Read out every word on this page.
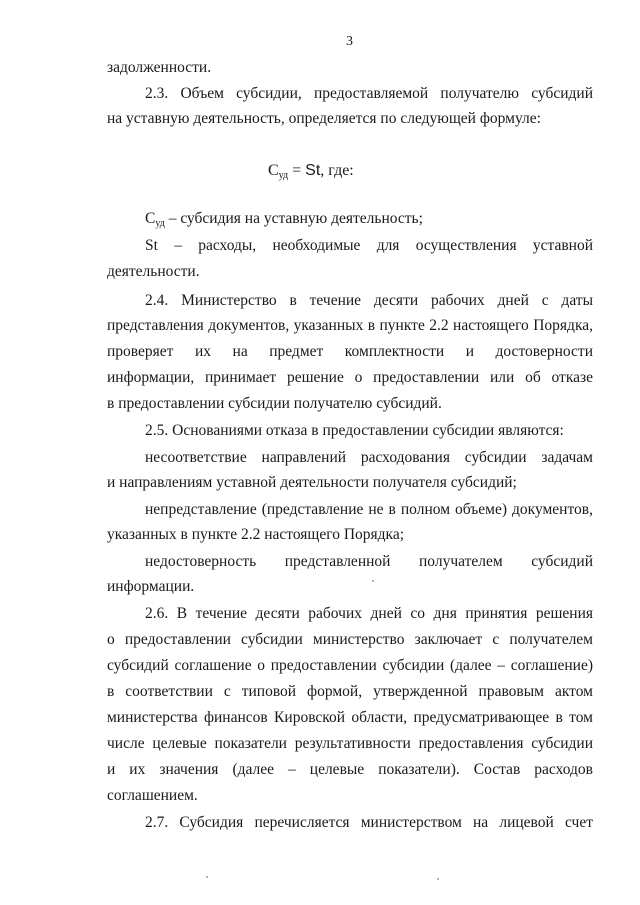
3
задолженности.
2.3. Объем субсидии, предоставляемой получателю субсидий
на уставную деятельность, определяется по следующей формуле:
$С_{уд} = St$, где:
$С_{уд}$ – субсидия на уставную деятельность;
St – расходы, необходимые для осуществления уставной
деятельности.
2.4. Министерство в течение десяти рабочих дней с даты
представления документов, указанных в пункте 2.2 настоящего Порядка,
проверяет их на предмет комплектности и достоверности
информации, принимает решение о предоставлении или об отказе
в предоставлении субсидии получателю субсидий.
2.5. Основаниями отказа в предоставлении субсидии являются:
несоответствие направлений расходования субсидии задачам
и направлениям уставной деятельности получателя субсидий;
непредставление (представление не в полном объеме) документов,
указанных в пункте 2.2 настоящего Порядка;
недостоверность представленной получателем субсидий
информации.
2.6. В течение десяти рабочих дней со дня принятия решения
о предоставлении субсидии министерство заключает с получателем
субсидий соглашение о предоставлении субсидии (далее – соглашение)
в соответствии с типовой формой, утвержденной правовым актом
министерства финансов Кировской области, предусматривающее в том
числе целевые показатели результативности предоставления субсидии
и их значения (далее – целевые показатели). Состав расходов
соглашением.
2.7. Субсидия перечисляется министерством на лицевой счет
